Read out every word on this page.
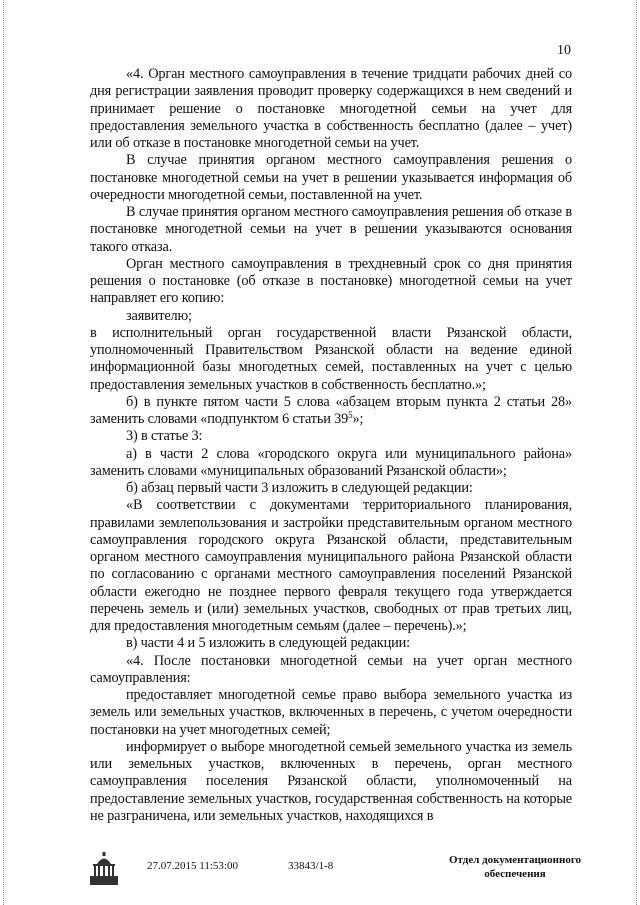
10

«4. Орган местного самоуправления в течение тридцати рабочих дней со дня регистрации заявления проводит проверку содержащихся в нем сведений и принимает решение о постановке многодетной семьи на учет для предоставления земельного участка в собственность бесплатно (далее – учет) или об отказе в постановке многодетной семьи на учет.

В случае принятия органом местного самоуправления решения о постановке многодетной семьи на учет в решении указывается информация об очередности многодетной семьи, поставленной на учет.

В случае принятия органом местного самоуправления решения об отказе в постановке многодетной семьи на учет в решении указываются основания такого отказа.

Орган местного самоуправления в трехдневный срок со дня принятия решения о постановке (об отказе в постановке) многодетной семьи на учет направляет его копию:

заявителю;

в исполнительный орган государственной власти Рязанской области, уполномоченный Правительством Рязанской области на ведение единой информационной базы многодетных семей, поставленных на учет с целью предоставления земельных участков в собственность бесплатно.»;

б) в пункте пятом части 5 слова «абзацем вторым пункта 2 статьи 28» заменить словами «подпунктом 6 статьи $39^5$»;

3) в статье 3:

а) в части 2 слова «городского округа или муниципального района» заменить словами «муниципальных образований Рязанской области»;

б) абзац первый части 3 изложить в следующей редакции:

«В соответствии с документами территориального планирования, правилами землепользования и застройки представительным органом местного самоуправления городского округа Рязанской области, представительным органом местного самоуправления муниципального района Рязанской области по согласованию с органами местного самоуправления поселений Рязанской области ежегодно не позднее первого февраля текущего года утверждается перечень земель и (или) земельных участков, свободных от прав третьих лиц, для предоставления многодетным семьям (далее – перечень).»;

в) части 4 и 5 изложить в следующей редакции:

«4. После постановки многодетной семьи на учет орган местного самоуправления:

предоставляет многодетной семье право выбора земельного участка из земель или земельных участков, включенных в перечень, с учетом очередности постановки на учет многодетных семей;

информирует о выборе многодетной семьей земельного участка из земель или земельных участков, включенных в перечень, орган местного самоуправления поселения Рязанской области, уполномоченный на предоставление земельных участков, государственная собственность на которые не разграничена, или земельных участков, находящихся в

27.07.2015 11:53:00	33843/1-8	Отдел документационного
обеспечения
